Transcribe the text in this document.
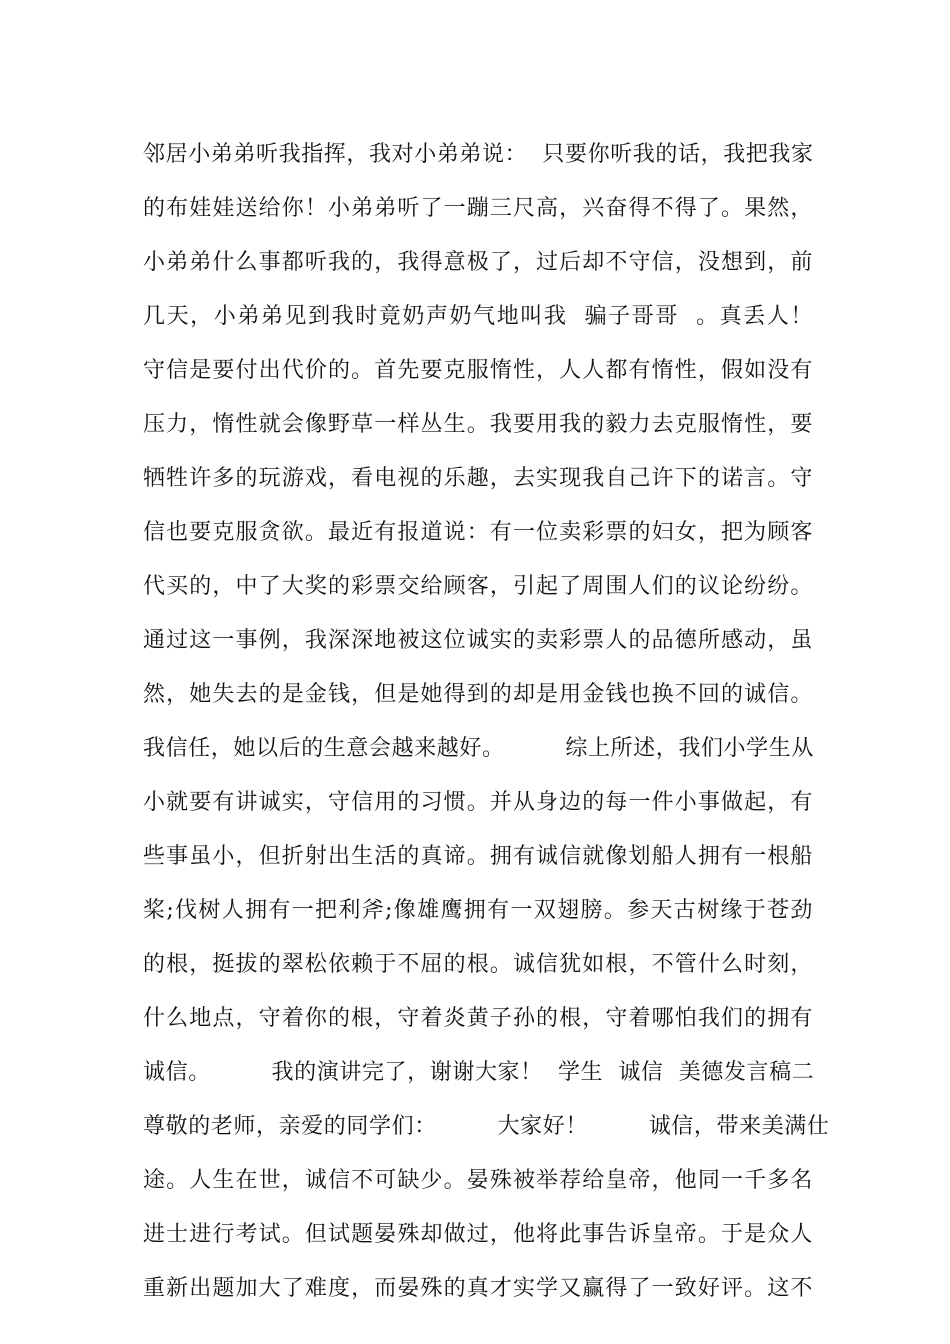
邻居小弟弟听我指挥，我对小弟弟说：  只要你听我的话，我把我家
的布娃娃送给你！小弟弟听了一蹦三尺高，兴奋得不得了。果然，
小弟弟什么事都听我的，我得意极了，过后却不守信，没想到，前
几天，小弟弟见到我时竟奶声奶气地叫我  骗子哥哥  。真丢人！
守信是要付出代价的。首先要克服惰性，人人都有惰性，假如没有
压力，惰性就会像野草一样丛生。我要用我的毅力去克服惰性，要
牺牲许多的玩游戏，看电视的乐趣，去实现我自己许下的诺言。守
信也要克服贪欲。最近有报道说：有一位卖彩票的妇女，把为顾客
代买的，中了大奖的彩票交给顾客，引起了周围人们的议论纷纷。
通过这一事例，我深深地被这位诚实的卖彩票人的品德所感动，虽
然，她失去的是金钱，但是她得到的却是用金钱也换不回的诚信。
我信任，她以后的生意会越来越好。        综上所述，我们小学生从
小就要有讲诚实，守信用的习惯。并从身边的每一件小事做起，有
些事虽小，但折射出生活的真谛。拥有诚信就像划船人拥有一根船
桨;伐树人拥有一把利斧;像雄鹰拥有一双翅膀。参天古树缘于苍劲
的根，挺拔的翠松依赖于不屈的根。诚信犹如根，不管什么时刻，
什么地点，守着你的根，守着炎黄子孙的根，守着哪怕我们的拥有
诚信。        我的演讲完了，谢谢大家！  学生  诚信  美德发言稿二
尊敬的老师，亲爱的同学们：        大家好！        诚信，带来美满仕
途。人生在世，诚信不可缺少。晏殊被举荐给皇帝，他同一千多名
进士进行考试。但试题晏殊却做过，他将此事告诉皇帝。于是众人
重新出题加大了难度，而晏殊的真才实学又赢得了一致好评。这不
